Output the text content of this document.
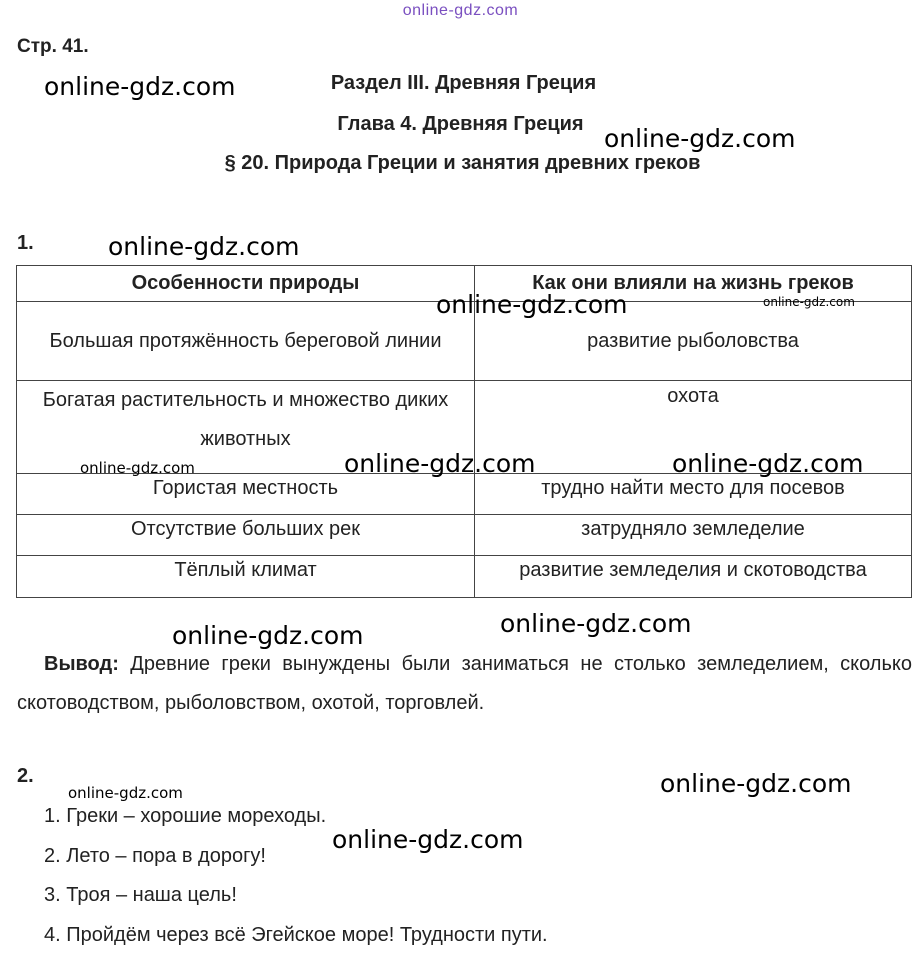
online-gdz.com
Стр. 41.
Раздел III. Древняя Греция
Глава 4. Древняя Греция
§ 20. Природа Греции и занятия древних греков
1.
Особенности природы	Как они влияли на жизнь греков
Большая протяжённость береговой линии	развитие рыболовства
Богатая растительность и множество диких животных	охота
Гористая местность	трудно найти место для посевов
Отсутствие больших рек	затрудняло земледелие
Тёплый климат	развитие земледелия и скотоводства
Вывод: Древние греки вынуждены были заниматься не столько земледелием, сколько скотоводством, рыболовством, охотой, торговлей.
2.
1. Греки – хорошие мореходы.
2. Лето – пора в дорогу!
3. Троя – наша цель!
4. Пройдём через всё Эгейское море! Трудности пути.
online-gdz.com
online-gdz.com
online-gdz.com
online-gdz.com	online-gdz.com
online-gdz.com	online-gdz.com
online-gdz.com
online-gdz.com
online-gdz.com
online-gdz.com
online-gdz.com
online-gdz.com
